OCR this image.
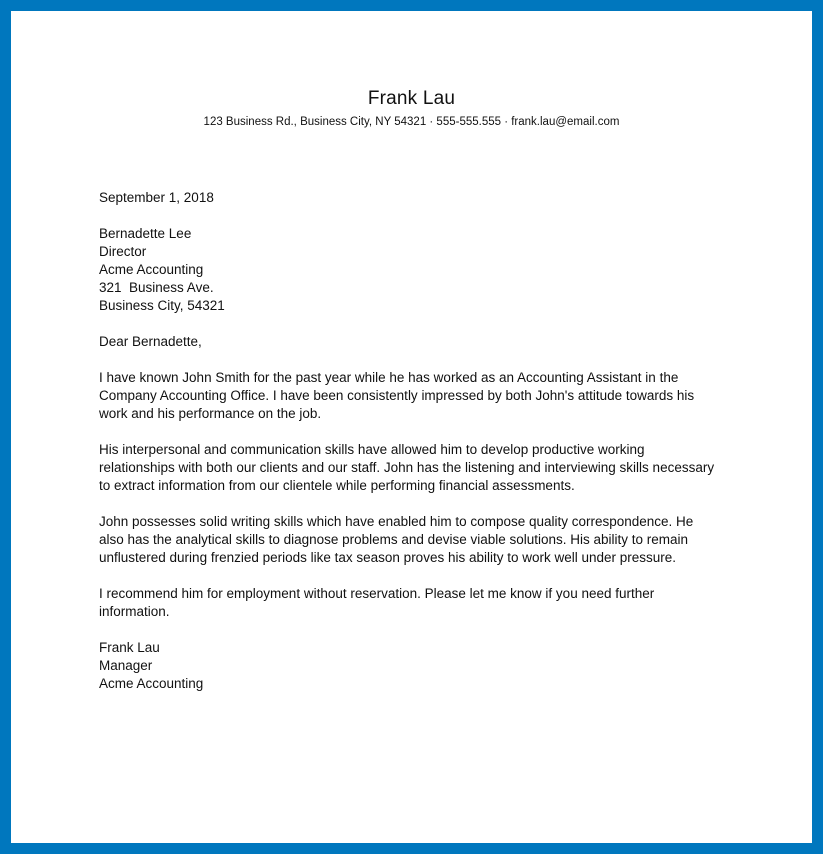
Frank Lau
123 Business Rd., Business City, NY 54321 · 555-555.555 · frank.lau@email.com
September 1, 2018
Bernadette Lee
Director
Acme Accounting
321  Business Ave.
Business City, 54321
Dear Bernadette,

I have known John Smith for the past year while he has worked as an Accounting Assistant in the Company Accounting Office. I have been consistently impressed by both John's attitude towards his work and his performance on the job.

His interpersonal and communication skills have allowed him to develop productive working relationships with both our clients and our staff. John has the listening and interviewing skills necessary to extract information from our clientele while performing financial assessments.

John possesses solid writing skills which have enabled him to compose quality correspondence. He also has the analytical skills to diagnose problems and devise viable solutions. His ability to remain unflustered during frenzied periods like tax season proves his ability to work well under pressure.

I recommend him for employment without reservation. Please let me know if you need further information.

Frank Lau
Manager
Acme Accounting
